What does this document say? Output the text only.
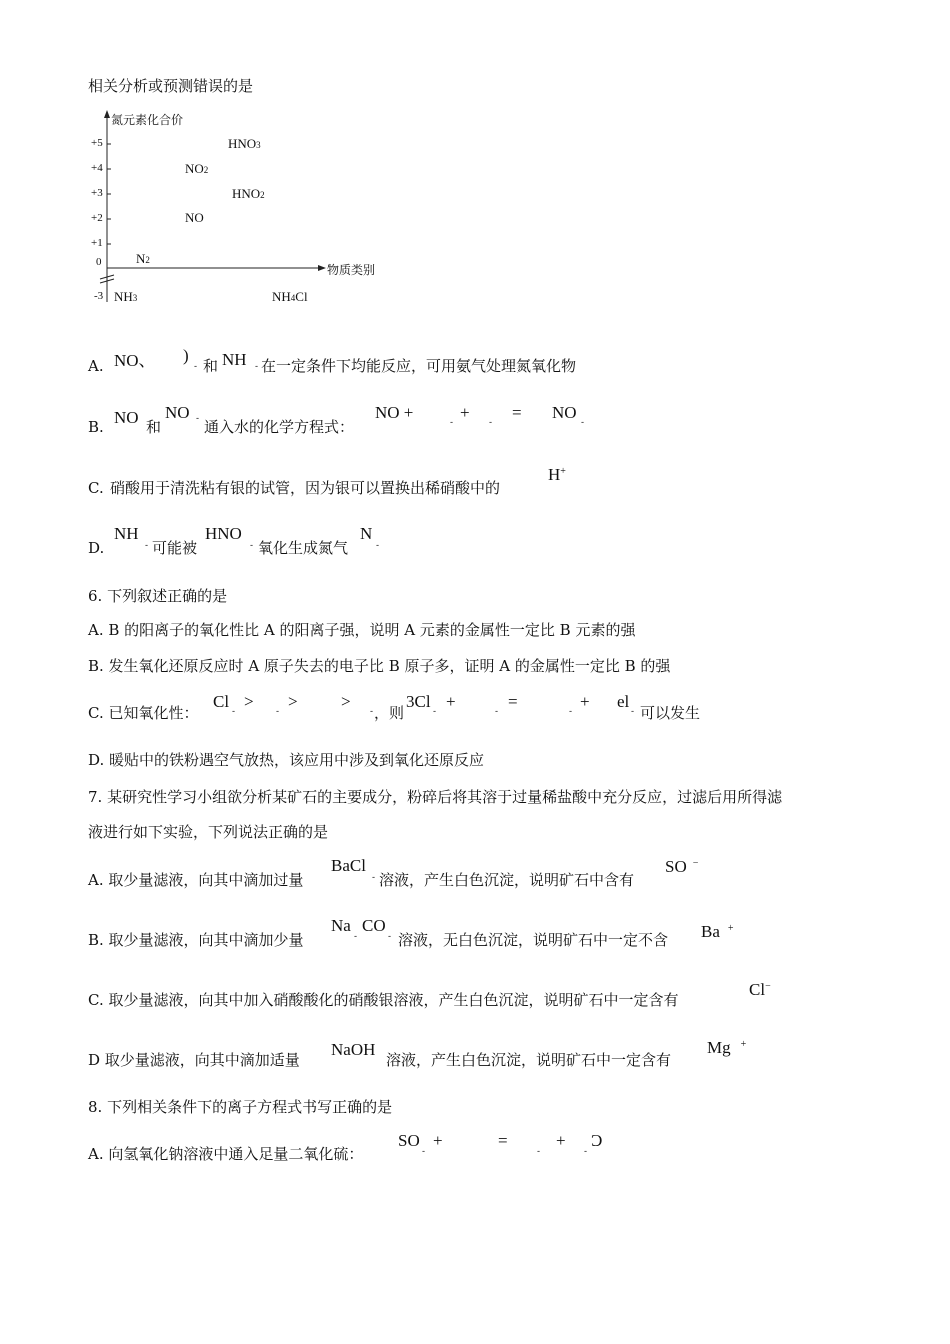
相关分析或预测错误的是
氮元素化合价
物质类别
+5
+4
+3
+2
+1
0
-3
HNO3
NO2
HNO2
NO
N2
NH3	NH4Cl
A. NO、 )
- 和 NH - 在一定条件下均能反应，可用氨气处理氮氧化物
B. NO 和
NO - 通入水的化学方程式：
NO +
-
+
-
= NO
-
C. 硝酸用于清洗粘有银的试管，因为银可以置换出稀硝酸中的
H+
D.
NH
- 可能被
HNO
- 氧化生成氮气
N
-
6. 下列叙述正确的是
A. B 的阳离子的氧化性比 A 的阳离子强，说明 A 元素的金属性一定比 B 元素的强
B. 发生氧化还原反应时 A 原子失去的电子比 B 原子多，证明 A 的金属性一定比 B 的强
C. 已知氧化性：
Cl
-
> >
-
>
- ，则
3Cl
-
+
-
=
-
+ el
- 可以发生
D. 暖贴中的铁粉遇空气放热，该应用中涉及到氧化还原反应
7. 某研究性学习小组欲分析某矿石的主要成分，粉碎后将其溶于过量稀盐酸中充分反应，过滤后用所得滤
液进行如下实验，下列说法正确的是
A. 取少量滤液，向其中滴加过量
BaCl
- 溶液，产生白色沉淀，说明矿石中含有
SO −
B. 取少量滤液，向其中滴加少量
Na
-
CO
- 溶液，无白色沉淀，说明矿石中一定不含 Ba +
C. 取少量滤液，向其中加入硝酸酸化的硝酸银溶液，产生白色沉淀，说明矿石中一定含有
Cl−
D 取少量滤液，向其中滴加适量
NaOH
溶液，产生白色沉淀，说明矿石中一定含有
Mg +
8. 下列相关条件下的离子方程式书写正确的是
A. 向氢氧化钠溶液中通入足量二氧化硫：
SO
-
+	=
-
+
-
Ɔ
